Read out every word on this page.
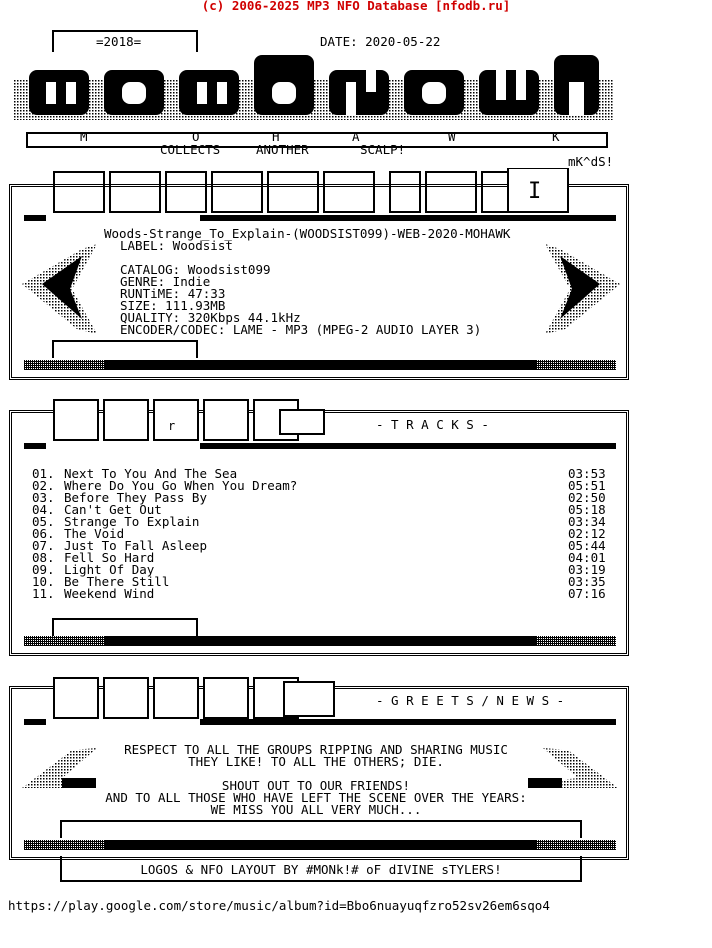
(c) 2006-2025 MP3 NFO Database [nfodb.ru]
=2018=	DATE: 2020-05-22
M	O	H	A	W	K
COLLECTS	ANOTHER	SCALP!
mK^dS!
I
Woods-Strange_To_Explain-(WOODSIST099)-WEB-2020-MOHAWK
LABEL: Woodsist
CATALOG: Woodsist099
GENRE: Indie
RUNTiME: 47:33
SIZE: 111.93MB
QUALITY: 320Kbps 44.1kHz
ENCODER/CODEC: LAME - MP3 (MPEG-2 AUDIO LAYER 3)
r	- T R A C K S -
01. Next To You And The Sea	03:53
02. Where Do You Go When You Dream?	05:51
03. Before They Pass By	02:50
04. Can't Get Out	05:18
05. Strange To Explain	03:34
06. The Void	02:12
07. Just To Fall Asleep	05:44
08. Fell So Hard	04:01
09. Light Of Day	03:19
10. Be There Still	03:35
11. Weekend Wind	07:16
- G R E E T S / N E W S -
RESPECT TO ALL THE GROUPS RIPPING AND SHARING MUSIC
THEY LIKE! TO ALL THE OTHERS; DIE.
SHOUT OUT TO OUR FRIENDS!
AND TO ALL THOSE WHO HAVE LEFT THE SCENE OVER THE YEARS:
WE MISS YOU ALL VERY MUCH...
LOGOS & NFO LAYOUT BY #MONk!# oF dIVINE sTYLERS!
https://play.google.com/store/music/album?id=Bbo6nuayuqfzro52sv26em6sqo4
